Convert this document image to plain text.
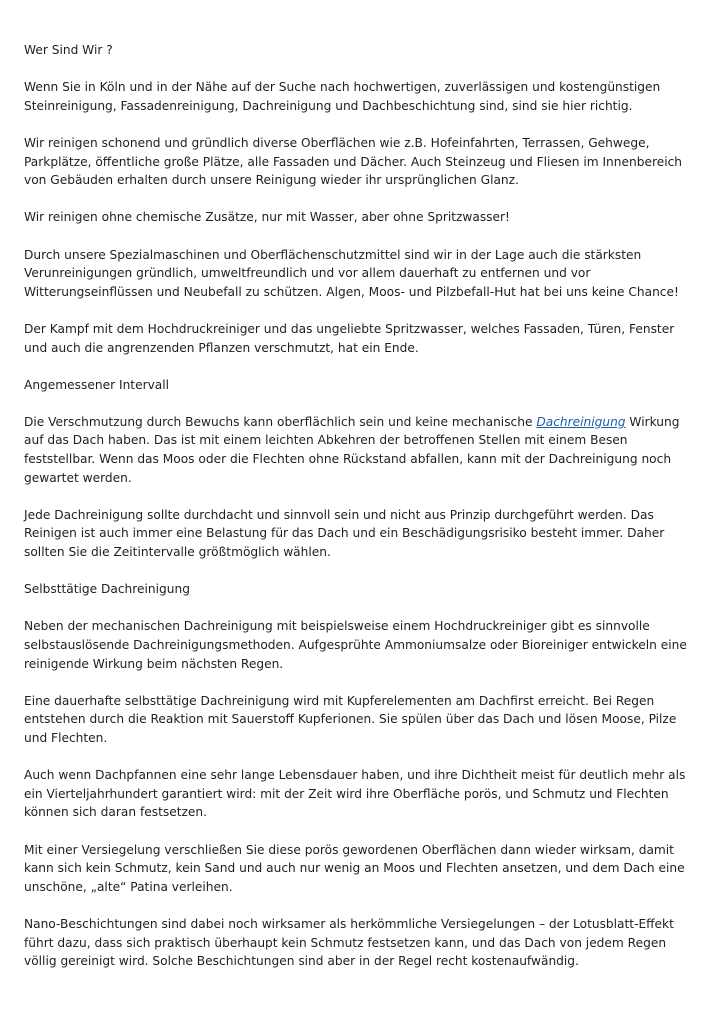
Wer Sind Wir ?

Wenn Sie in Köln und in der Nähe auf der Suche nach hochwertigen, zuverlässigen und kostengünstigen Steinreinigung, Fassadenreinigung, Dachreinigung und Dachbeschichtung sind, sind sie hier richtig.

Wir reinigen schonend und gründlich diverse Oberflächen wie z.B. Hofeinfahrten, Terrassen, Gehwege, Parkplätze, öffentliche große Plätze, alle Fassaden und Dächer. Auch Steinzeug und Fliesen im Innenbereich von Gebäuden erhalten durch unsere Reinigung wieder ihr ursprünglichen Glanz.

Wir reinigen ohne chemische Zusätze, nur mit Wasser, aber ohne Spritzwasser!

Durch unsere Spezialmaschinen und Oberflächenschutzmittel sind wir in der Lage auch die stärksten Verunreinigungen gründlich, umweltfreundlich und vor allem dauerhaft zu entfernen und vor Witterungseinflüssen und Neubefall zu schützen. Algen, Moos- und Pilzbefall-Hut hat bei uns keine Chance!

Der Kampf mit dem Hochdruckreiniger und das ungeliebte Spritzwasser, welches Fassaden, Türen, Fenster und auch die angrenzenden Pflanzen verschmutzt, hat ein Ende.

Angemessener Intervall

Die Verschmutzung durch Bewuchs kann oberflächlich sein und keine mechanische Dachreinigung Wirkung auf das Dach haben. Das ist mit einem leichten Abkehren der betroffenen Stellen mit einem Besen feststellbar. Wenn das Moos oder die Flechten ohne Rückstand abfallen, kann mit der Dachreinigung noch gewartet werden.

Jede Dachreinigung sollte durchdacht und sinnvoll sein und nicht aus Prinzip durchgeführt werden. Das Reinigen ist auch immer eine Belastung für das Dach und ein Beschädigungsrisiko besteht immer. Daher sollten Sie die Zeitintervalle größtmöglich wählen.

Selbsttätige Dachreinigung

Neben der mechanischen Dachreinigung mit beispielsweise einem Hochdruckreiniger gibt es sinnvolle selbstauslösende Dachreinigungsmethoden. Aufgesprühte Ammoniumsalze oder Bioreiniger entwickeln eine reinigende Wirkung beim nächsten Regen.

Eine dauerhafte selbsttätige Dachreinigung wird mit Kupferelementen am Dachfirst erreicht. Bei Regen entstehen durch die Reaktion mit Sauerstoff Kupferionen. Sie spülen über das Dach und lösen Moose, Pilze und Flechten.

Auch wenn Dachpfannen eine sehr lange Lebensdauer haben, und ihre Dichtheit meist für deutlich mehr als ein Vierteljahrhundert garantiert wird: mit der Zeit wird ihre Oberfläche porös, und Schmutz und Flechten können sich daran festsetzen.

Mit einer Versiegelung verschließen Sie diese porös gewordenen Oberflächen dann wieder wirksam, damit kann sich kein Schmutz, kein Sand und auch nur wenig an Moos und Flechten ansetzen, und dem Dach eine unschöne, „alte“ Patina verleihen.

Nano-Beschichtungen sind dabei noch wirksamer als herkömmliche Versiegelungen – der Lotusblatt-Effekt führt dazu, dass sich praktisch überhaupt kein Schmutz festsetzen kann, und das Dach von jedem Regen völlig gereinigt wird. Solche Beschichtungen sind aber in der Regel recht kostenaufwändig.
